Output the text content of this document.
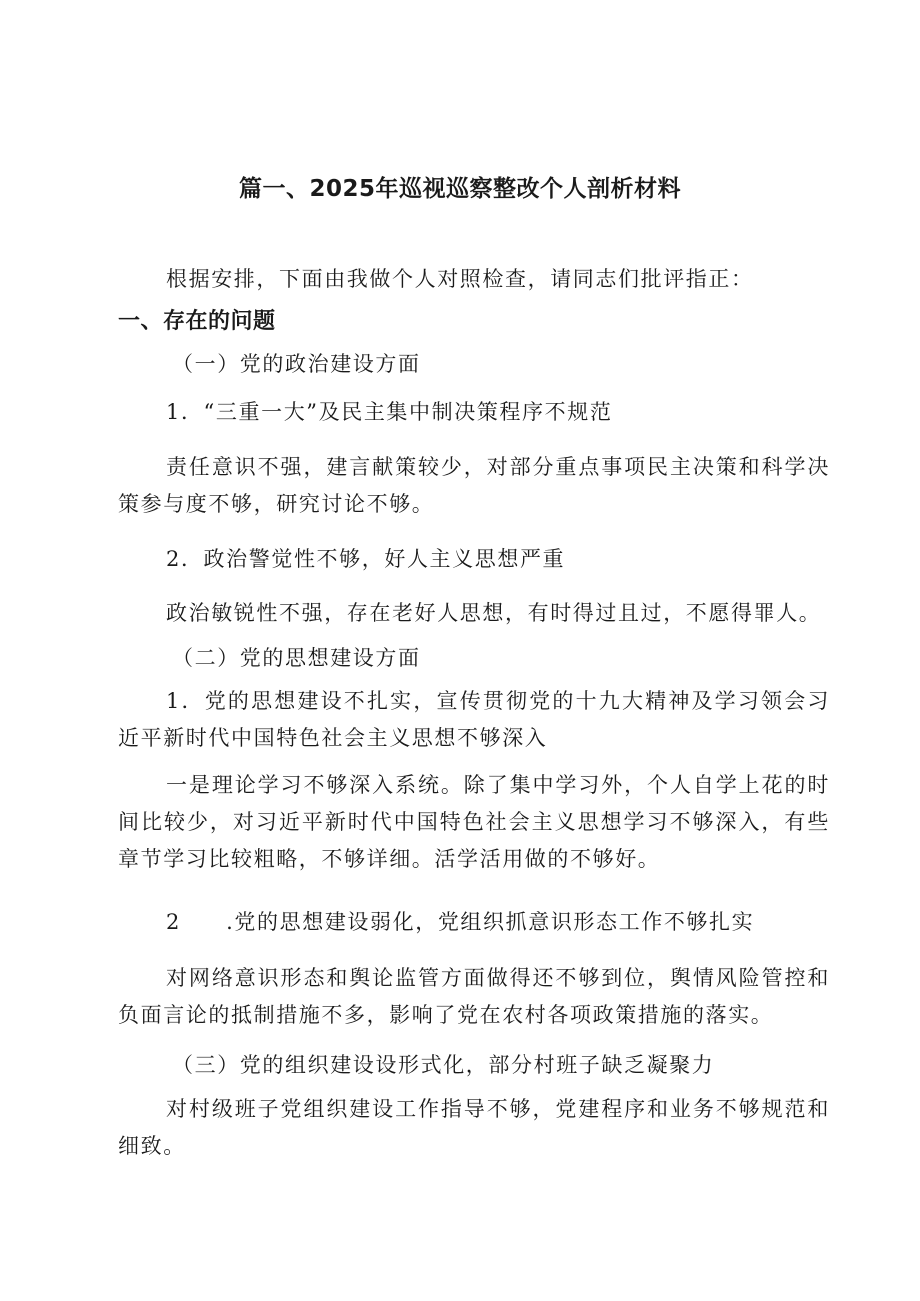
篇一、2025年巡视巡察整改个人剖析材料
根据安排，下面由我做个人对照检查，请同志们批评指正：
一、存在的问题
（一）党的政治建设方面
1．“三重一大”及民主集中制决策程序不规范
责任意识不强，建言献策较少，对部分重点事项民主决策和科学决策参与度不够，研究讨论不够。
2．政治警觉性不够，好人主义思想严重
政治敏锐性不强，存在老好人思想，有时得过且过，不愿得罪人。
（二）党的思想建设方面
1．党的思想建设不扎实，宣传贯彻党的十九大精神及学习领会习近平新时代中国特色社会主义思想不够深入
一是理论学习不够深入系统。除了集中学习外，个人自学上花的时间比较少，对习近平新时代中国特色社会主义思想学习不够深入，有些章节学习比较粗略，不够详细。活学活用做的不够好。
2　　.党的思想建设弱化，党组织抓意识形态工作不够扎实
对网络意识形态和舆论监管方面做得还不够到位，舆情风险管控和负面言论的抵制措施不多，影响了党在农村各项政策措施的落实。
（三）党的组织建设设形式化，部分村班子缺乏凝聚力
对村级班子党组织建设工作指导不够，党建程序和业务不够规范和细致。
